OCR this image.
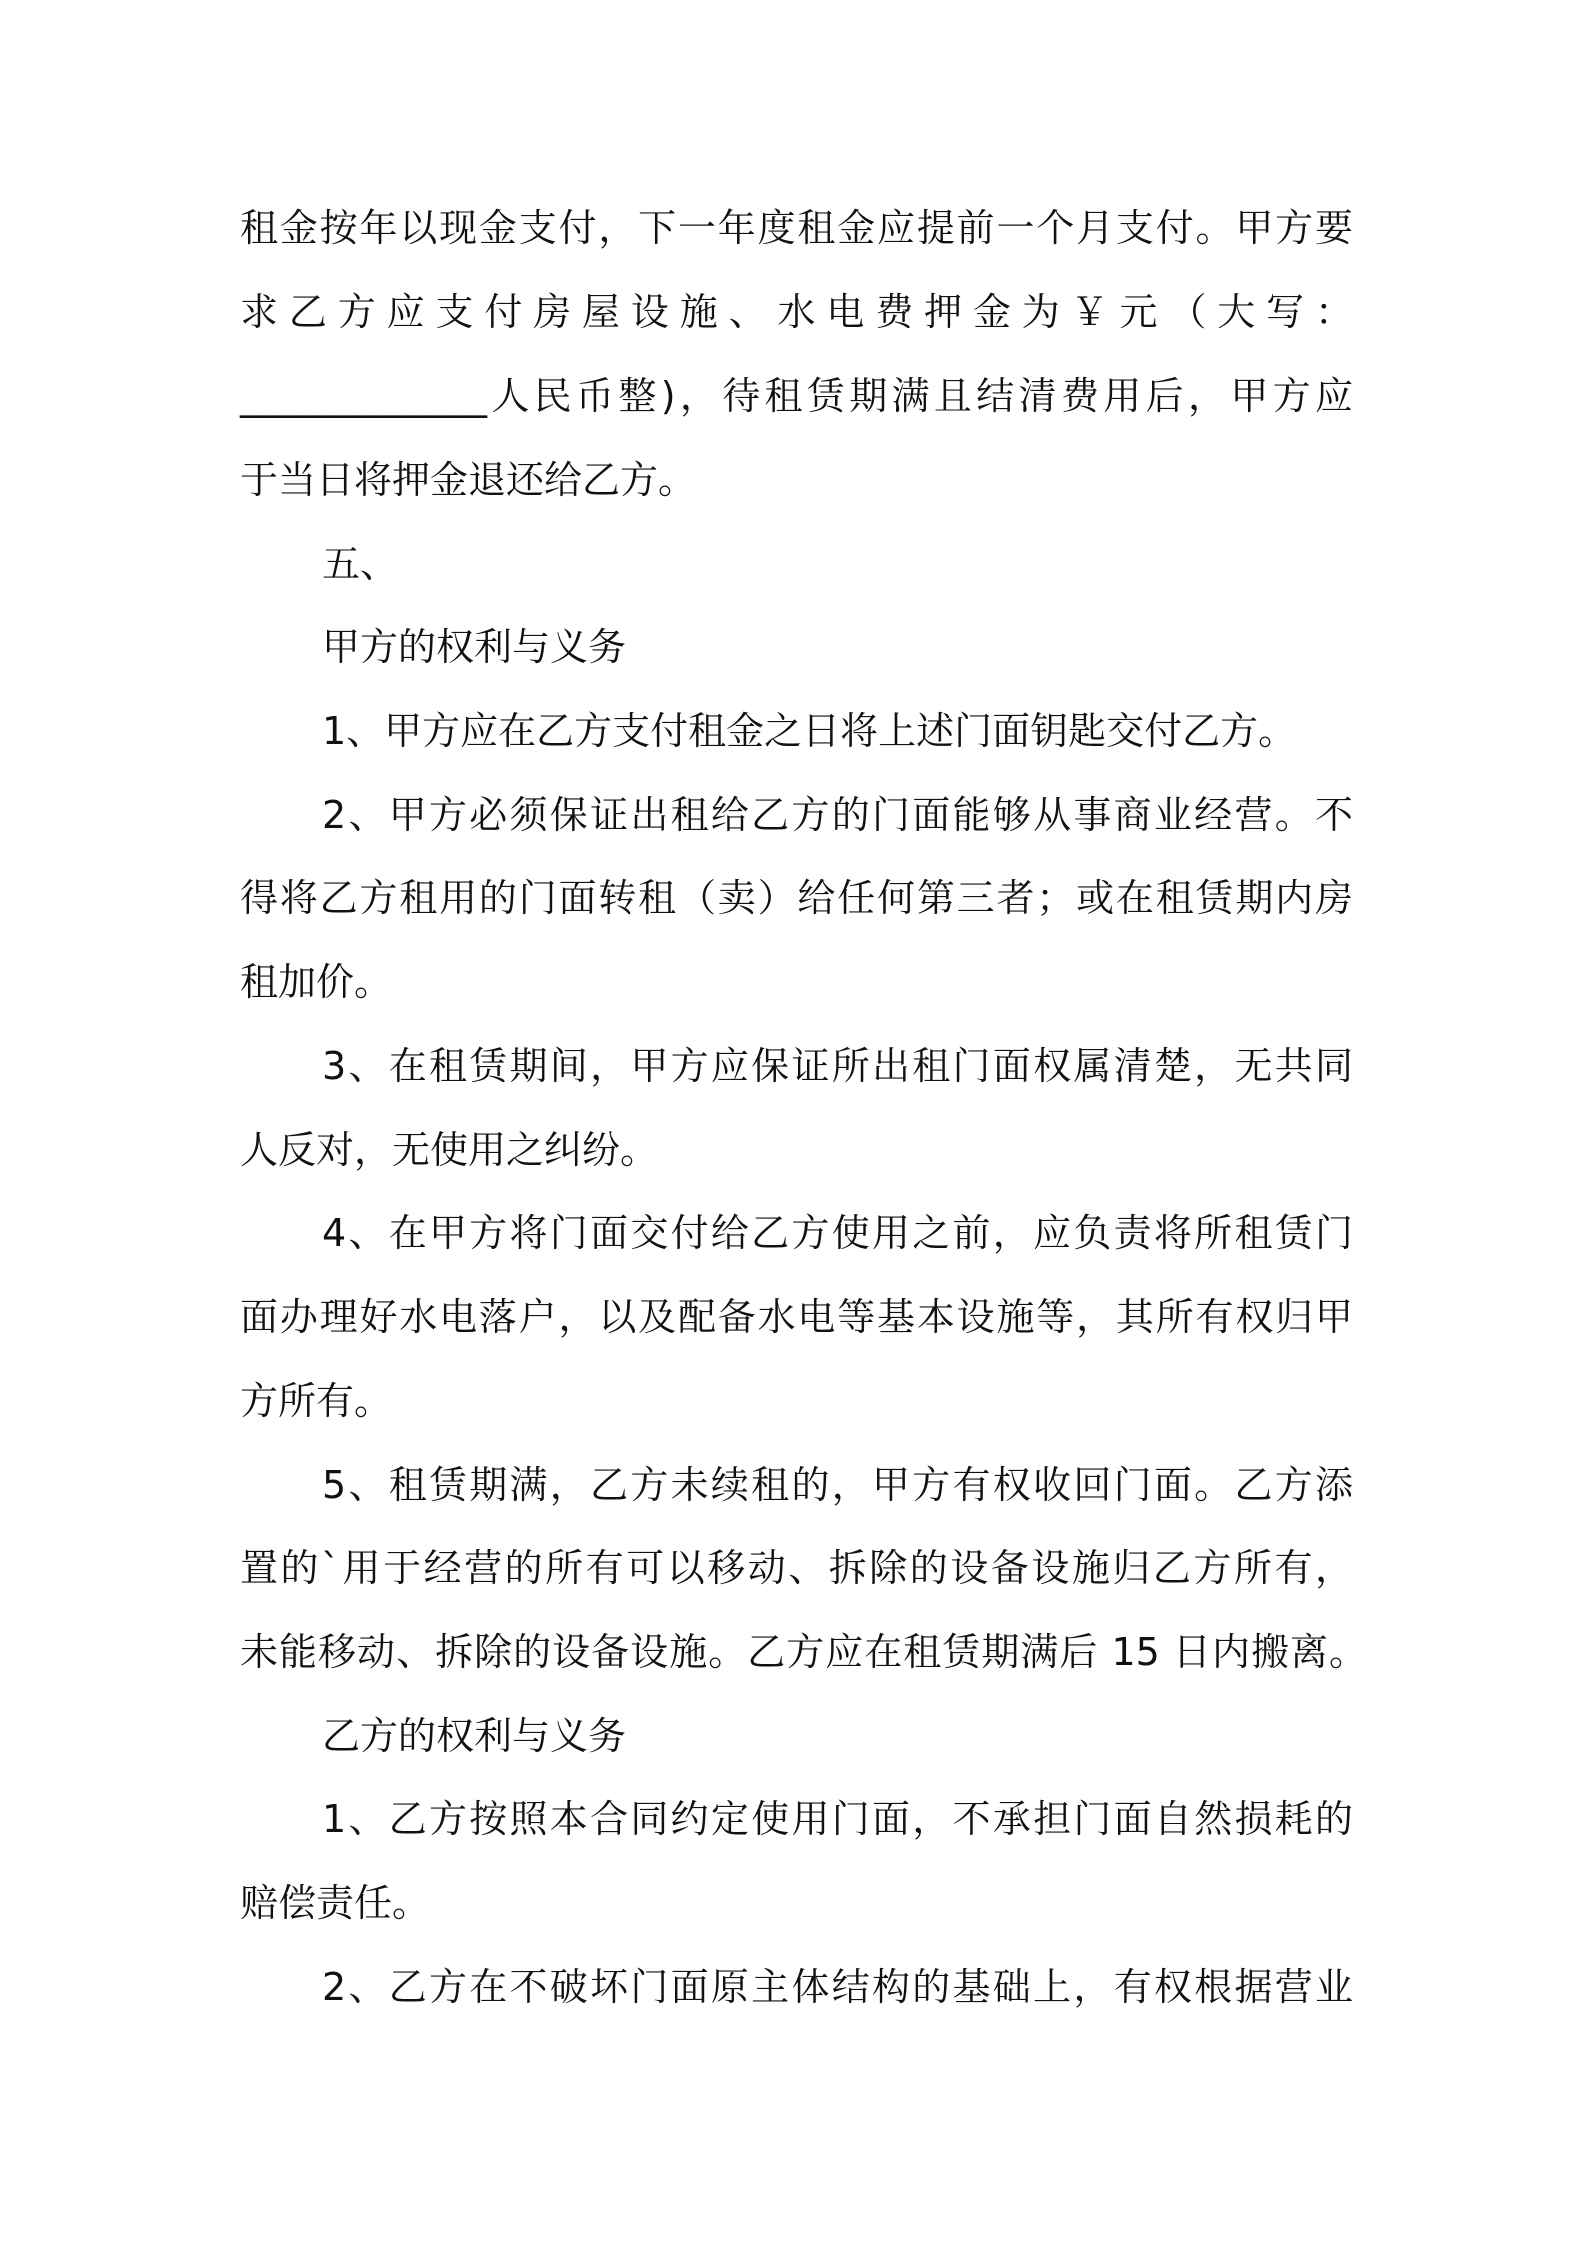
租金按年以现金支付，下一年度租金应提前一个月支付。甲方要
求乙方应支付房屋设施、水电费押金为￥元（大写：
_____________人民币整)，待租赁期满且结清费用后，甲方应
于当日将押金退还给乙方。
五、
甲方的权利与义务
1、甲方应在乙方支付租金之日将上述门面钥匙交付乙方。
2、甲方必须保证出租给乙方的门面能够从事商业经营。不
得将乙方租用的门面转租（卖）给任何第三者；或在租赁期内房
租加价。
3、在租赁期间，甲方应保证所出租门面权属清楚，无共同
人反对，无使用之纠纷。
4、在甲方将门面交付给乙方使用之前，应负责将所租赁门
面办理好水电落户，以及配备水电等基本设施等，其所有权归甲
方所有。
5、租赁期满，乙方未续租的，甲方有权收回门面。乙方添
置的`用于经营的所有可以移动、拆除的设备设施归乙方所有，
未能移动、拆除的设备设施。乙方应在租赁期满后 15 日内搬离。
乙方的权利与义务
1、乙方按照本合同约定使用门面，不承担门面自然损耗的
赔偿责任。
2、乙方在不破坏门面原主体结构的基础上，有权根据营业
